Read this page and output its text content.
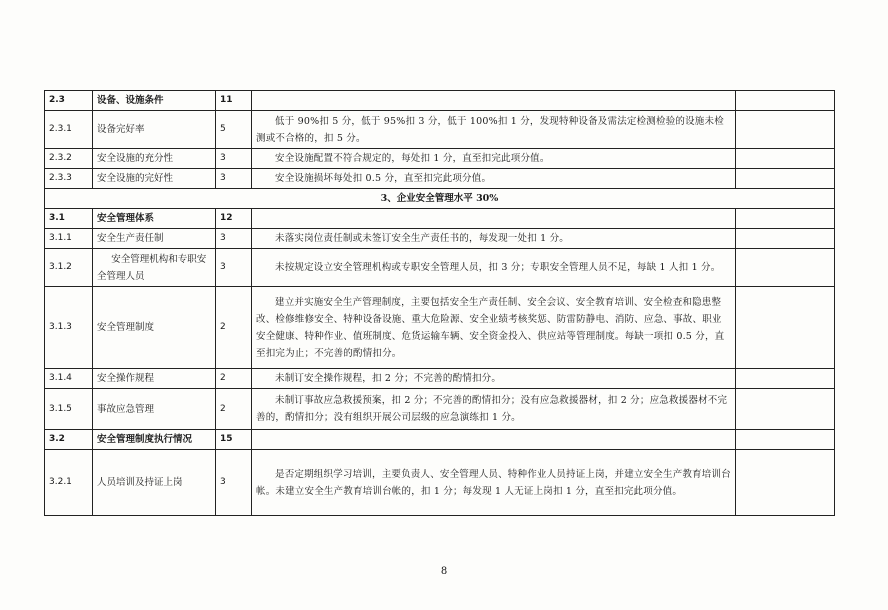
2.3	设备、设施条件	11		
2.3.1	设备完好率	5	低于 90%扣 5 分，低于 95%扣 3 分，低于 100%扣 1 分，发现特种设备及需法定检测检验的设施未检测或不合格的，扣 5 分。	
2.3.2	安全设施的充分性	3	安全设施配置不符合规定的，每处扣 1 分，直至扣完此项分值。	
2.3.3	安全设施的完好性	3	安全设施损坏每处扣 0.5 分，直至扣完此项分值。	
3、企业安全管理水平 30%				
3.1	安全管理体系	12		
3.1.1	安全生产责任制	3	未落实岗位责任制或未签订安全生产责任书的，每发现一处扣 1 分。	
3.1.2	安全管理机构和专职安全管理人员	3	未按规定设立安全管理机构或专职安全管理人员，扣 3 分；专职安全管理人员不足，每缺 1 人扣 1 分。	
3.1.3	安全管理制度	2	建立并实施安全生产管理制度，主要包括安全生产责任制、安全会议、安全教育培训、安全检查和隐患整改、检修维修安全、特种设备设施、重大危险源、安全业绩考核奖惩、防雷防静电、消防、应急、事故、职业安全健康、特种作业、值班制度、危货运输车辆、安全资金投入、供应站等管理制度。每缺一项扣 0.5 分，直至扣完为止；不完善的酌情扣分。	
3.1.4	安全操作规程	2	未制订安全操作规程，扣 2 分；不完善的酌情扣分。	
3.1.5	事故应急管理	2	未制订事故应急救援预案，扣 2 分；不完善的酌情扣分；没有应急救援器材，扣 2 分；应急救援器材不完善的，酌情扣分；没有组织开展公司层级的应急演练扣 1 分。	
3.2	安全管理制度执行情况	15		
3.2.1	人员培训及持证上岗	3	是否定期组织学习培训，主要负责人、安全管理人员、特种作业人员持证上岗，并建立安全生产教育培训台帐。未建立安全生产教育培训台帐的，扣 1 分；每发现 1 人无证上岗扣 1 分，直至扣完此项分值。	
8
